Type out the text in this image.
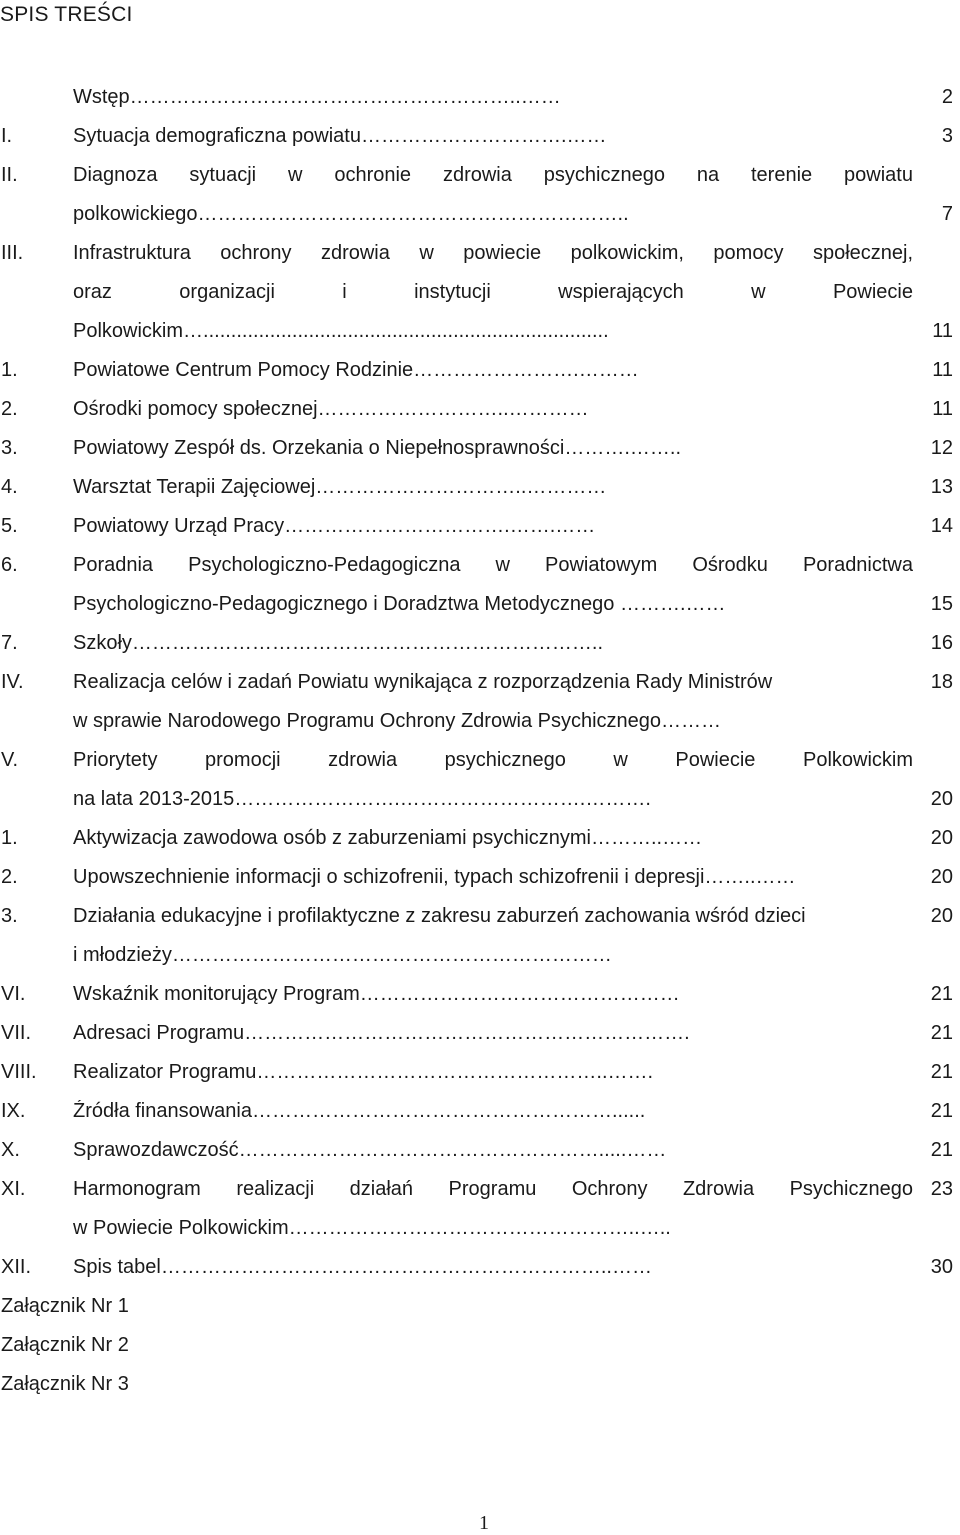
SPIS TREŚCI
Wstęp…………………………………………………..……	2
I.	Sytuacja demograficzna powiatu………………………….……	3
II.	Diagnoza sytuacji w ochronie zdrowia psychicznego na terenie powiatu
polkowickiego………………………………………………………..	7
III.	Infrastruktura ochrony zdrowia w powiecie polkowickim, pomocy społecznej,
oraz organizacji i instytucji wspierających w Powiecie
Polkowickim….........................................................................	11
1.	Powiatowe Centrum Pomocy Rodzinie…………………….………	11
2.	Ośrodki pomocy społecznej………………………..…………	11
3.	Powiatowy Zespół ds. Orzekania o Niepełnosprawności……….……..	12
4.	Warsztat Terapii Zajęciowej…………………………..…………	13
5.	Powiatowy Urząd Pracy…………………………….…….……	14
6.	Poradnia Psychologiczno-Pedagogiczna w Powiatowym Ośrodku Poradnictwa
Psychologiczno-Pedagogicznego i Doradztwa Metodycznego ……….……	15
7.	Szkoły……………………………………………………………..	16
IV.	Realizacja celów i zadań Powiatu wynikająca z rozporządzenia Rady Ministrów	18
w sprawie Narodowego Programu Ochrony Zdrowia Psychicznego………
V.	Priorytety promocji zdrowia psychicznego w Powiecie Polkowickim
na lata 2013-2015…………………….……………………….……….	20
1.	Aktywizacja zawodowa osób z zaburzeniami psychicznymi………..……	20
2.	Upowszechnienie informacji o schizofrenii, typach schizofrenii i depresji……..……	20
3.	Działania edukacyjne i profilaktyczne z zakresu zaburzeń zachowania wśród dzieci	20
i młodzieży…………………………………………………………
VI.	Wskaźnik monitorujący Program…………………………………………	21
VII.	Adresaci Programu………………………………………………………….	21
VIII.	Realizator Programu……………………………………………..…….	21
IX.	Źródła finansowania………………………………………………......	21
X.	Sprawozdawczość……………………………………………….....……	21
XI.	Harmonogram realizacji działań Programu Ochrony Zdrowia Psychicznego 23
w Powiecie Polkowickim……………………………………………..…..
XII.	Spis tabel…………………………………………………………..……	30
Załącznik Nr 1
Załącznik Nr 2
Załącznik Nr 3
1
